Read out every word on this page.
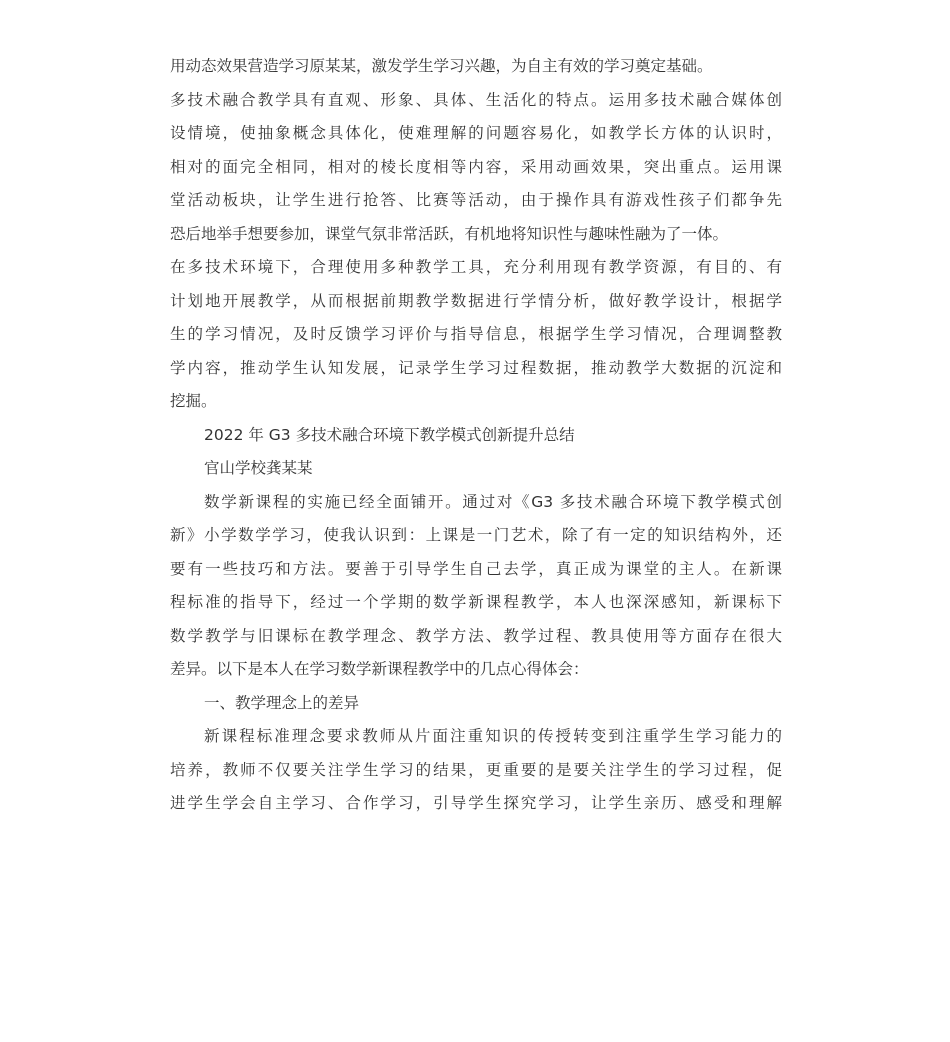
用动态效果营造学习原某某，激发学生学习兴趣，为自主有效的学习奠定基础。
多技术融合教学具有直观、形象、具体、生活化的特点。运用多技术融合媒体创
设情境，使抽象概念具体化，使难理解的问题容易化，如教学长方体的认识时，
相对的面完全相同，相对的棱长度相等内容，采用动画效果，突出重点。运用课
堂活动板块，让学生进行抢答、比赛等活动，由于操作具有游戏性孩子们都争先
恐后地举手想要参加，课堂气氛非常活跃，有机地将知识性与趣味性融为了一体。
在多技术环境下，合理使用多种教学工具，充分利用现有教学资源，有目的、有
计划地开展教学，从而根据前期教学数据进行学情分析，做好教学设计，根据学
生的学习情况，及时反馈学习评价与指导信息，根据学生学习情况，合理调整教
学内容，推动学生认知发展，记录学生学习过程数据，推动教学大数据的沉淀和
挖掘。
2022 年 G3 多技术融合环境下教学模式创新提升总结
官山学校龚某某
数学新课程的实施已经全面铺开。通过对《G3 多技术融合环境下教学模式创
新》小学数学学习，使我认识到：上课是一门艺术，除了有一定的知识结构外，还
要有一些技巧和方法。要善于引导学生自己去学，真正成为课堂的主人。在新课
程标准的指导下，经过一个学期的数学新课程教学，本人也深深感知，新课标下
数学教学与旧课标在教学理念、教学方法、教学过程、教具使用等方面存在很大
差异。以下是本人在学习数学新课程教学中的几点心得体会：
一、教学理念上的差异
新课程标准理念要求教师从片面注重知识的传授转变到注重学生学习能力的
培养，教师不仅要关注学生学习的结果，更重要的是要关注学生的学习过程，促
进学生学会自主学习、合作学习，引导学生探究学习，让学生亲历、感受和理解
